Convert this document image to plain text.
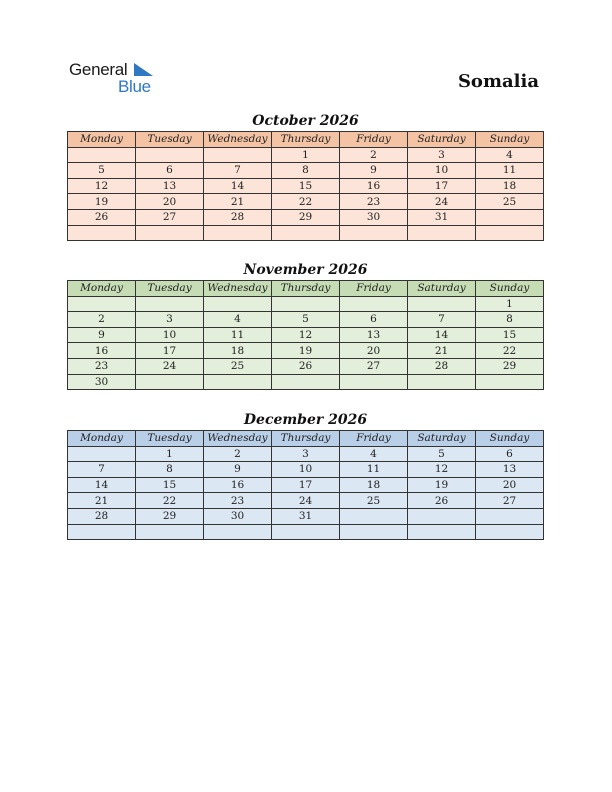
General
Blue	Somalia
October 2026
Monday	Tuesday	Wednesday	Thursday	Friday	Saturday	Sunday
			1	2	3	4
5	6	7	8	9	10	11
12	13	14	15	16	17	18
19	20	21	22	23	24	25
26	27	28	29	30	31	

November 2026
Monday	Tuesday	Wednesday	Thursday	Friday	Saturday	Sunday
						1
2	3	4	5	6	7	8
9	10	11	12	13	14	15
16	17	18	19	20	21	22
23	24	25	26	27	28	29
30						
December 2026
Monday	Tuesday	Wednesday	Thursday	Friday	Saturday	Sunday
	1	2	3	4	5	6
7	8	9	10	11	12	13
14	15	16	17	18	19	20
21	22	23	24	25	26	27
28	29	30	31			
